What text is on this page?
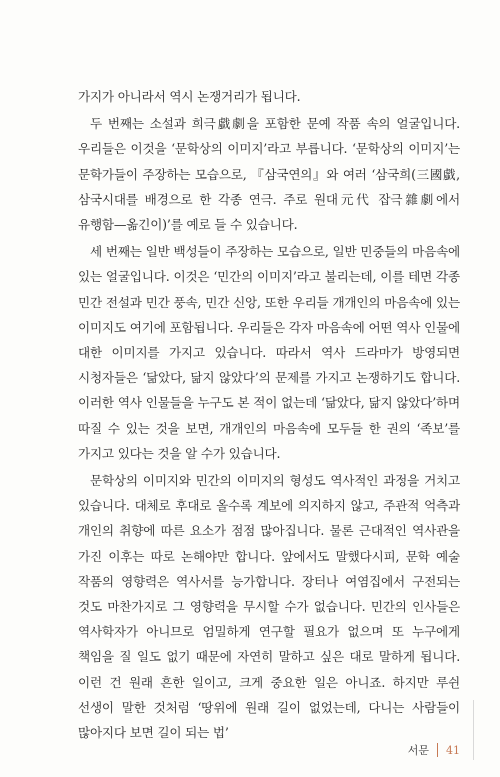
가지가 아니라서 역시 논쟁거리가 됩니다.

두 번째는 소설과 희극戱劇을 포함한 문예 작품 속의 얼굴입니다. 우리들은 이것을 ‘문학상의 이미지’라고 부릅니다. ‘문학상의 이미지’는 문학가들이 주장하는 모습으로, 『삼국연의』와 여러 ‘삼국희(三國戱, 삼국시대를 배경으로 한 각종 연극. 주로 원대元代 잡극雜劇에서 유행함—옮긴이)’를 예로 들 수 있습니다.

세 번째는 일반 백성들이 주장하는 모습으로, 일반 민중들의 마음속에 있는 얼굴입니다. 이것은 ‘민간의 이미지’라고 불리는데, 이를 테면 각종 민간 전설과 민간 풍속, 민간 신앙, 또한 우리들 개개인의 마음속에 있는 이미지도 여기에 포함됩니다. 우리들은 각자 마음속에 어떤 역사 인물에 대한 이미지를 가지고 있습니다. 따라서 역사 드라마가 방영되면 시청자들은 ‘닮았다, 닮지 않았다’의 문제를 가지고 논쟁하기도 합니다. 이러한 역사 인물들을 누구도 본 적이 없는데 ‘닮았다, 닮지 않았다’하며 따질 수 있는 것을 보면, 개개인의 마음속에 모두들 한 권의 ‘족보’를 가지고 있다는 것을 알 수가 있습니다.

문학상의 이미지와 민간의 이미지의 형성도 역사적인 과정을 거치고 있습니다. 대체로 후대로 올수록 계보에 의지하지 않고, 주관적 억측과 개인의 취향에 따른 요소가 점점 많아집니다. 물론 근대적인 역사관을 가진 이후는 따로 논해야만 합니다. 앞에서도 말했다시피, 문학 예술 작품의 영향력은 역사서를 능가합니다. 장터나 여염집에서 구전되는 것도 마찬가지로 그 영향력을 무시할 수가 없습니다. 민간의 인사들은 역사학자가 아니므로 엄밀하게 연구할 필요가 없으며 또 누구에게 책임을 질 일도 없기 때문에 자연히 말하고 싶은 대로 말하게 됩니다. 이런 건 원래 흔한 일이고, 크게 중요한 일은 아니죠. 하지만 루쉰 선생이 말한 것처럼 ‘땅위에 원래 길이 없었는데, 다니는 사람들이 많아지다 보면 길이 되는 법’

서문 41
